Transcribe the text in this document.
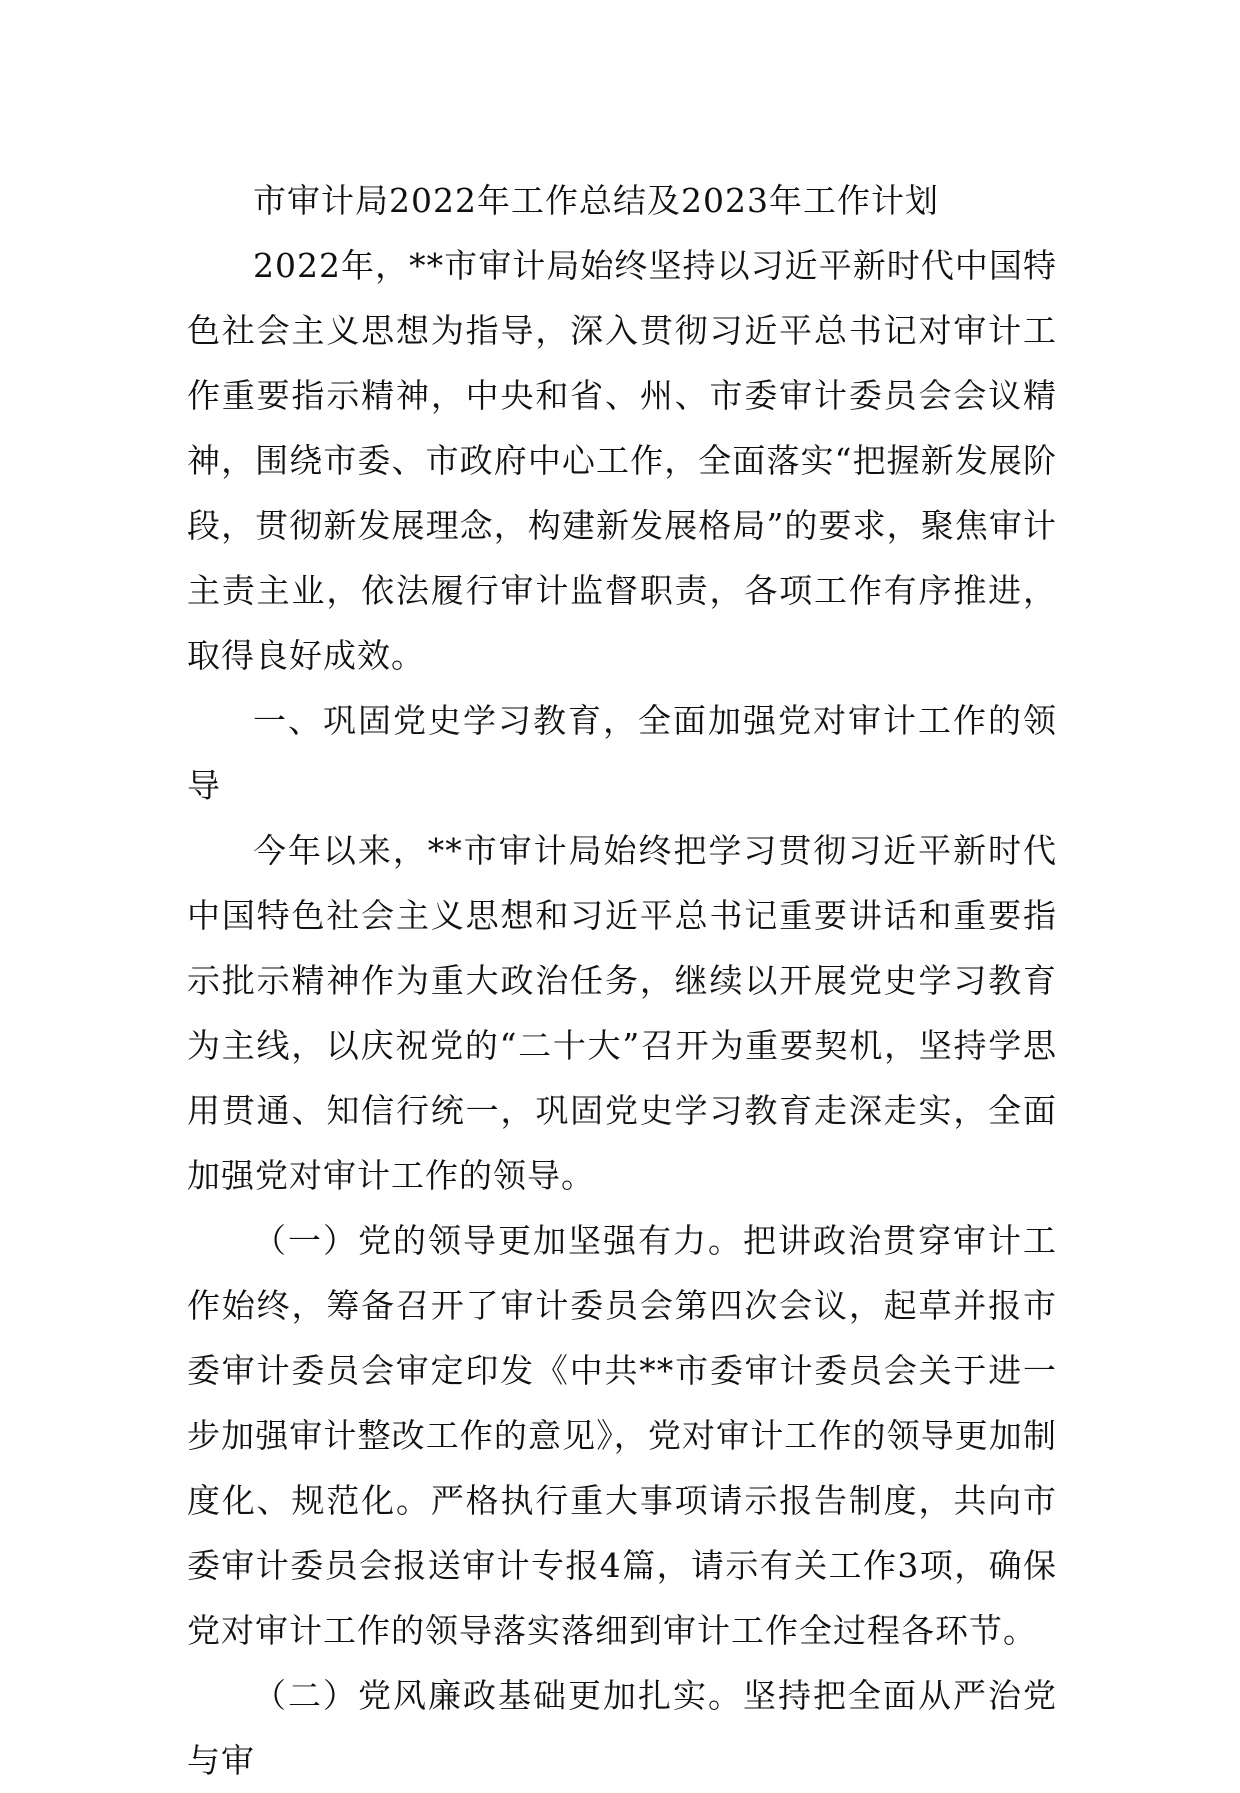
市审计局2022年工作总结及2023年工作计划

2022年，**市审计局始终坚持以习近平新时代中国特色社会主义思想为指导，深入贯彻习近平总书记对审计工作重要指示精神，中央和省、州、市委审计委员会会议精神，围绕市委、市政府中心工作，全面落实“把握新发展阶段，贯彻新发展理念，构建新发展格局”的要求，聚焦审计主责主业，依法履行审计监督职责，各项工作有序推进，取得良好成效。

一、巩固党史学习教育，全面加强党对审计工作的领导

今年以来，**市审计局始终把学习贯彻习近平新时代中国特色社会主义思想和习近平总书记重要讲话和重要指示批示精神作为重大政治任务，继续以开展党史学习教育为主线，以庆祝党的“二十大”召开为重要契机，坚持学思用贯通、知信行统一，巩固党史学习教育走深走实，全面加强党对审计工作的领导。

（一）党的领导更加坚强有力。把讲政治贯穿审计工作始终，筹备召开了审计委员会第四次会议，起草并报市委审计委员会审定印发《中共**市委审计委员会关于进一步加强审计整改工作的意见》，党对审计工作的领导更加制度化、规范化。严格执行重大事项请示报告制度，共向市委审计委员会报送审计专报4篇，请示有关工作3项，确保党对审计工作的领导落实落细到审计工作全过程各环节。

（二）党风廉政基础更加扎实。坚持把全面从严治党与审
